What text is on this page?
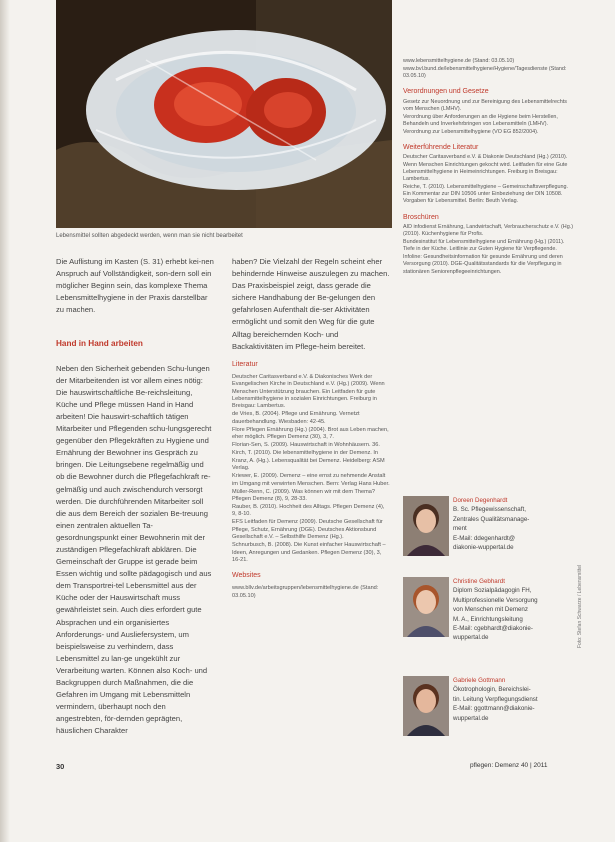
Lebensmittel sollten abgedeckt werden, wenn man sie nicht bearbeitet

Die Auflistung im Kasten (S. 31) erhebt kei-nen Anspruch auf Vollständigkeit, son-dern soll ein möglicher Beginn sein, das komplexe Thema Lebensmittelhygiene in der Praxis darstellbar zu machen.

Hand in Hand arbeiten

Neben den Sicherheit gebenden Schu-lungen der Mitarbeitenden ist vor allem eines nötig: Die hauswirtschaftliche Be-reichsleitung, Küche und Pflege müssen Hand in Hand arbeiten! Die hauswirt-schaftlich tätigen Mitarbeiter und Pflegenden schu-lungsgerecht gegenüber den Pflegekräften zu Hygiene und Ernährung der Bewohner ins Gespräch zu bringen. Die Leitungsebene regelmäßig und ob die Bewohner durch die Pflegefachkraft re-gelmäßig und auch zwischendurch versorgt werden. Die durchführenden Mitarbeiter soll die aus dem Bereich der sozialen Be-treuung einen zentralen aktuellen Ta-gesordnungspunkt einer Bewohnerin mit der zuständigen Pflegefachkraft abklären. Die Gemeinschaft der Gruppe ist gerade beim Essen wichtig und sollte pädagogisch und aus dem Transportrei-tel Lebensmittel aus der Küche oder der Hauswirtschaft muss gewährleistet sein. Auch dies erfordert gute Absprachen und ein organisiertes Anforderungs- und Ausliefersystem, um beispielsweise zu verhindern, dass Lebensmittel zu lan-ge ungekühlt zur Verarbeitung warten. Können also Koch- und Backgruppen durch Maßnahmen, die die Gefahren im Umgang mit Lebensmitteln vermindern, überhaupt noch den angestrebten, för-dernden geprägten, häuslichen Charakter

haben? Die Vielzahl der Regeln scheint eher behindernde Hinweise auszulegen zu machen. Das Praxisbeispiel zeigt, dass gerade die sichere Handhabung der Be-gelungen den gefahrlosen Aufenthalt die-ser Aktivitäten ermöglicht und somit den Weg für die gute Alltag bereichernden Koch- und Backaktivitäten im Pflege-heim bereitet.

Literatur

Deutscher Caritasverband e.V. & Diakonisches Werk der Evangelischen Kirche in Deutschland e.V. (Hg.) (2009). Wenn Menschen Unterstützung brauchen. Ein Leitfaden für gute Lebensmittelhygiene in sozialen Einrichtungen. Freiburg in Breisgau: Lambertus.

de Vries, B. (2004). Pflege und Ernährung. Vernetzt dauerbehandlung. Wiesbaden: 42-45.

Flore Pflegen Ernährung (Hg.) (2004). Brot aus Leben machen, eher möglich. Pflegen Demenz (30), 3, 7.

Florian-Sen, S. (2009). Hauswirtschaft in Wohnhäusern. 36.

Kirch, T. (2010). Die lebensmittelhygiene in der Demenz. In Kranz, A. (Hg.). Lebensqualität bei Demenz. Heidelberg: ASM Verlag.

Kriewer, E. (2009). Demenz – eine ernst zu nehmende Anstalt im Umgang mit verwirrten Menschen. Bern: Verlag Hans Huber.

Müller-Renn, C. (2009). Was können wir mit dem Thema? Pflegen Demenz (8), 9, 28-33.

Rauber, B. (2010). Hochheit des Alltags. Pflegen Demenz (4), 9, 8-10.

EFS Leitfaden für Demenz (2009). Deutsche Gesellschaft für Pflege, Schutz, Ernährung (DGE). Deutsches Aktionsbund Gesellschaft e.V. – Selbsthilfe Demenz (Hg.).

Schnurbusch, B. (2008). Die Kunst einfacher Hauswirtschaft – Ideen, Anregungen und Gedanken. Pflegen Demenz (30), 3, 16-21.

Websites

www.bllv.de/arbeitsgruppen/lebensmittelhygiene.de (Stand: 03.05.10)

www.lebensmittelhygiene.de (Stand: 03.05.10)

www.bvl.bund.de/lebensmittelhygiene/Hygiene/Tagesdienste (Stand: 03.05.10)

Verordnungen und Gesetze

Gesetz zur Neuordnung und zur Bereinigung des Lebensmittelrechts vom Menschen (LMHV).

Verordnung über Anforderungen an die Hygiene beim Herstellen, Behandeln und Inverkehrbringen von Lebensmitteln (LMHV).

Verordnung zur Lebensmittelhygiene (VO EG 852/2004).

Weiterführende Literatur

Deutscher Caritasverband e.V. & Diakonie Deutschland (Hg.) (2010). Wenn Menschen Einrichtungen gekocht wird. Leitfaden für eine Gute Lebensmittelhygiene in Heimeinrichtungen. Freiburg in Breisgau: Lambertus.

Reiche, T. (2010). Lebensmittelhygiene – Gemeinschaftsverpflegung. Ein Kommentar zur DIN 10506 unter Einbeziehung der DIN 10508. Vorgaben für Lebensmittel. Berlin: Beuth Verlag.

Broschüren

AID infodienst Ernährung, Landwirtschaft, Verbraucherschutz e.V. (Hg.) (2010). Küchenhygiene für Profis.

Bundesinstitut für Lebensmittelhygiene und Ernährung (Hg.) (2011). Tiefe in der Küche. Leitlinie zur Guten Hygiene für Verpflegende.

Infoline: Gesundheitsinformation für gesunde Ernährung und deren Versorgung (2010). DGE-Qualitätsstandards für die Verpflegung in stationären Seniorenpflegeeinrichtungen.

Doreen Degenhardt
B. Sc. Pflegewissenschaft,
Zentrales Qualitätsmanage-
ment
E-Mail: ddegenhardt@
diakonie-wuppertal.de
Christine Gebhardt
Diplom Sozialpädagogin FH,
Multiprofessionelle Versorgung
von Menschen mit Demenz
M. A., Einrichtungsleitung
E-Mail: cgebhardt@diakonie-
wuppertal.de
Gabriele Gottmann
Ökotrophologin, Bereichslei-
tin. Leitung Verpflegungsdienst
E-Mail: ggottmann@diakonie-
wuppertal.de
Foto: Stefan Schwarze / Lebensmittel
30	pflegen: Demenz 40 | 2011
